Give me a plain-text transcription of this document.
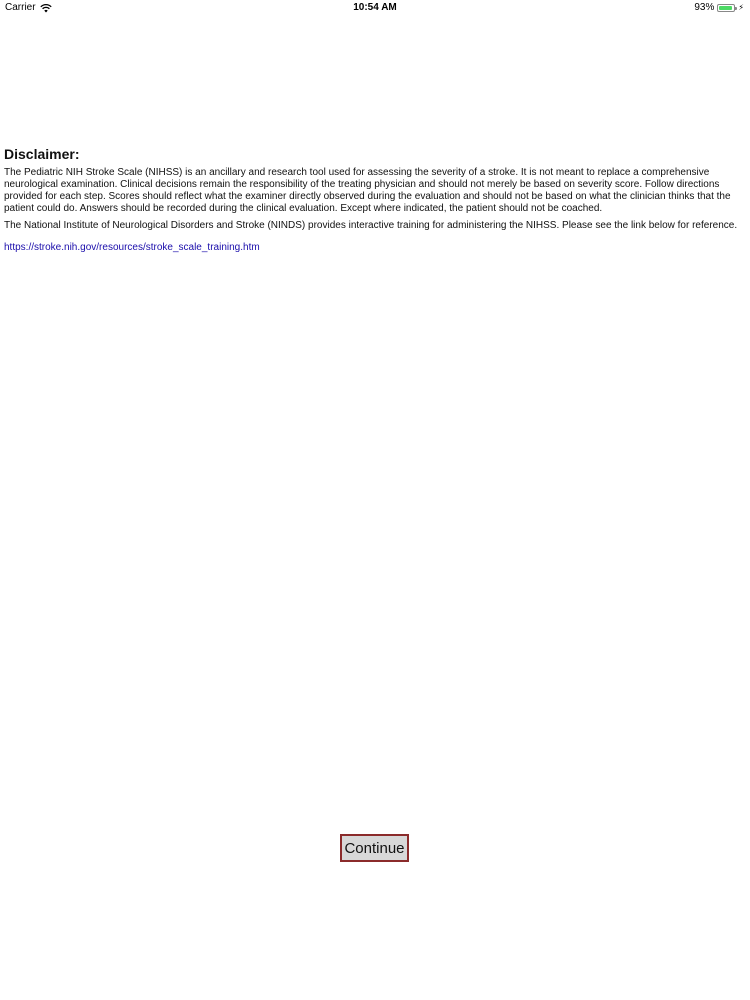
Carrier	10:54 AM	93%	⚡
Disclaimer:

The Pediatric NIH Stroke Scale (NIHSS) is an ancillary and research tool used for assessing the severity of a stroke. It is not meant to replace a comprehensive neurological examination. Clinical decisions remain the responsibility of the treating physician and should not merely be based on severity score. Follow directions provided for each step. Scores should reflect what the examiner directly observed during the evaluation and should not be based on what the clinician thinks that the patient could do. Answers should be recorded during the clinical evaluation. Except where indicated, the patient should not be coached.

The National Institute of Neurological Disorders and Stroke (NINDS) provides interactive training for administering the NIHSS. Please see the link below for reference.

https://stroke.nih.gov/resources/stroke_scale_training.htm
Continue
